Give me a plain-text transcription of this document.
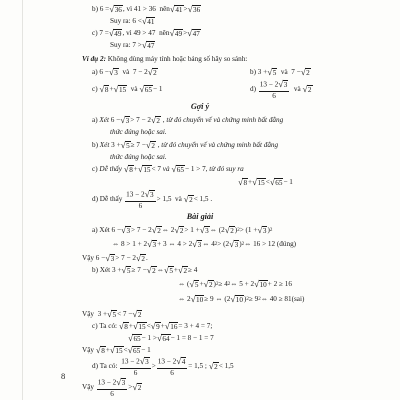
b) 6 = √ 36 , vì 41 > 36  nên √ 41 > √ 36
Suy ra: 6 < √ 41
c) 7 = √ 49 , vì 49 > 47  nên √ 49 > √ 47
Suy ra: 7 > √ 47
Ví dụ 2:
Không dùng máy tính hoặc bảng số hãy so sánh:
a) 6 − √ 3 và  7 − 2 √ 2	b) 3 + √ 5 và  7 − √ 2
c) √ 8 + √ 15 và √ 65 − 1	d)
13 − 2 √ 3
6
và √ 2
Gợi ý
a) Xét 6 − √ 3 > 7 − 2 √ 2
, từ đó chuyển vế và chứng minh bất đẳng
thức đúng hoặc sai.
b) Xét 3 + √ 5 ≥ 7 − √ 2
, từ đó chuyển vế và chứng minh bất đẳng
thức đúng hoặc sai.
c) Dễ thấy
√ 8 + √ 15 < 7 và
√ 65 − 1 > 7 , từ đó suy ra
√ 8 + √ 15 < √ 65 − 1
d) Dễ thấy
13 − 2 √ 3
6
> 1,5  và √ 2 < 1,5 .
Bài giải
a) Xét 6 − √ 3 > 7 − 2 √ 2 ⇔ 2 √ 2 > 1 + √ 3 ⇔ (2 √ 2 ) 2 > (1 + √ 3 ) 2
⇔ 8 > 1 + 2 √ 3 + 3 ⇔ 4 > 2 √ 3 ⇔ 4 2 > (2 √ 3 ) 2 ⇔ 16 > 12 (đúng)
Vậy 6 − √ 3 > 7 − 2 √ 2 .
b) Xét 3 + √ 5 ≥ 7 − √ 2 ⇔ √ 5 + √ 2 ≥ 4
⇔ ( √ 5 + √ 2 ) 2 ≥ 4 2 ⇔ 5 + 2 √ 10 + 2 ≥ 16
⇔ 2 √ 10 ≥ 9 ⇔ (2 √ 10 ) 2 ≥ 9 2 ⇔ 40 ≥ 81(sai)
Vậy  3 + √ 5 < 7 − √ 2
c) Ta có: √ 8 + √ 15 < √ 9 + √ 16 = 3 + 4 = 7;
√ 65 − 1 > √ 64 − 1 = 8 − 1 = 7
Vậy √ 8 + √ 15 < √ 65 − 1
d) Ta có:
13 − 2 √ 3
6
>
13 − 2 √ 4
6
= 1,5 ; √ 2 < 1,5
Vậy
13 − 2 √ 3
6
> √ 2
8
